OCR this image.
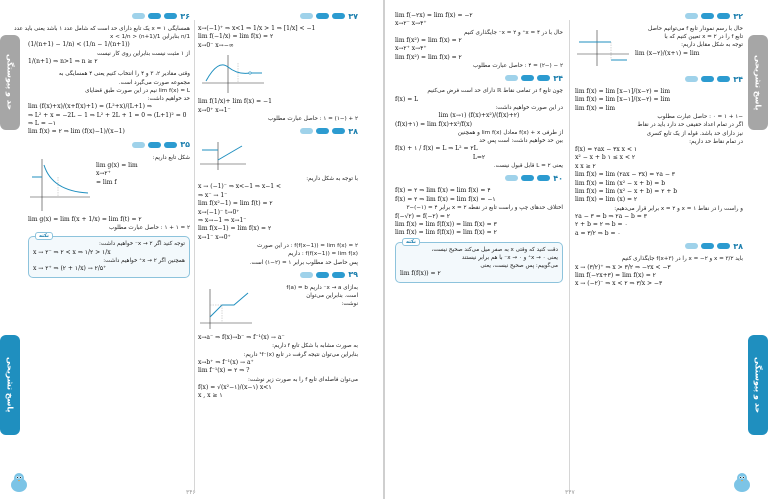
حد و پیوستگی
پاسخ تشریحی
۳۷
x→(−1)⁺ ⇒ x<1 ⇒ 1/x > 1 ⇒ [1/x] < −1
lim f(−1/x) = lim f(x) = ۲
x→0⁻ x→−∞
lim f(1/x)+ lim f(x) = −1
x→0⁺ x→1⁻
۲ + (−۱) = ۱ : حاصل عبارت مطلوب
۳۸
با توجه به شکل داریم:
x → (−1)⁻ ⇒ x<−1 ⇒ x−1 <
⇒ x⁻ → 1⁻
lim f(x²−1) = lim f(t) = ۲
x→(−1)⁻ t→0⁺
⇒ x→−1 ⇒ x→1⁻
lim f(x−1) = lim f(x) = ۲
x→1⁻ x→0⁺
f(f(x−1)) = lim f(x) = ۲ : در این صورت
f(f(x−1)) = lim f(x) : داریم
پس حاصل حد مطلوب برابر ۱ = (۲−۱) است.
۳۹
به‌ازای x → a⁻ داریم f(a) = b
است. بنابراین می‌توان
نوشت:
x→a⁻ ⇒ f(x)→b⁻ ⇒ f⁻¹(x) → a⁻
به صورت مشابه با شکل تابع f داریم:
بنابراین می‌توان نتیجه گرفت در تابع (x)⁻¹f داریم:
x→b⁺ ⇒ f⁻¹(x) → a⁺
lim f⁻¹(x) = ۲ ⇒ ?
می‌توان فاصله‌ای تابع f را به صورت زیر نوشت:
f(x) = √(x²−۱)/(x−۱) x<۱
x , x ≥ ۱
۳۶
همسایگی x = ۱ یک تابع دارای حد است که شامل عدد ۱ باشد یعنی باید عدد
1/n بنابراین 1/(n+1) < x < 1/n
(1/(n+1) − 1/n) < (1/n − 1/(n+1))
از ۱ مثبت نیست بنابراین روی کار نیست
1/(n+1) ⇒ n>1 ⇒ n ≥ ۲
وقتی مقادیر ۲، ۳ و ۴ را انتخاب کنیم یعنی ۴ همسایگی به
مجموعه صورت می‌گیرد است.
lim f(x) = L نیم در این صورت طبق قضایای
حد خواهیم داشت:
lim (f(x)+x)/(x+f(x)+1) = (L²+x)/(L+1) ⇒
⇒ L² + x = −2L − 1 ⇒ L² + 2L + 1 = 0 ⇒ (L+1)² = 0
⇒ L = −۱
lim f(x) = ۲ ⇒ lim (f(x)−1)/(x−1)
۳۵
شکل تابع داریم:
lim g(x) = lim
x→۲⁺
= lim f
lim g(x) = lim f(x + 1/x) = lim f(t) = ۲
۲ = ۱ + ۱ : حاصل عبارت مطلوب
نکته
توجه کنید اگر x → ۲⁻ خواهیم داشت:
x → ۲⁻ ⇒ ۲ < x ⇒ ۱/۲ > ۱/x
همچنین اگر x → ۲⁺ خواهیم داشت:
x → ۲⁺ ⇒ (۲ + ۱/x) → ۲/۵⁺
۳۴۶
پاسخ تشریحی
حد و پیوستگی
lim f(−۲x) = lim f(x) = −۲
x→۲⁻ x→۴⁺
حال با در x = ۴⁺ و x = ۲⁻ جایگذاری کنیم
lim f(x²) = lim f(x) = ۲
x→۲⁺ x→۴⁺
lim f(x²) = lim f(x) = ۲
۲ − (−۲) = ۴ : حاصل عبارت مطلوب
۳۴
چون تابع f در تمامی نقاط ℝ دارای حد است فرض می‌کنیم
f(x) = L
در این صورت خواهیم داشت:
lim (x→۱) (f(x)+x²)/(f(x)+۲)
(f(x)+۱) = lim f(x)+x²/f(x)
از طرفی f(x) + x معادل lim f(x) و همچنین
بین حد خواهیم داشت: است پس حد
f(x) + ۱ / f(x) = L ⇒ L² = ۲L
L=۲
یعنی L = ۲ قابل قبول نیست.
۴۰
f(x) = ۲ ⇒ lim f(x) = lim f(x) = ۴
f(x) = ۲ ⇒ lim f(x) = lim f(x) = −۱
اختلاف حدهای چپ و راست تابع در نقطه x = ۲ برابر ۴ = (۱−)−۳
f(−√۲) = f(−۲) = ۲
lim f(x) = lim f(f(x)) = lim f(x) = ۳
lim f(x) = lim f(f(x)) = lim f(x) = ۲
نکته
دقت کنید که وقتی x به صفر میل می‌کند صحیح نیست،
یعنی x → ۰⁺ و x → ۰⁻ با هم برابر نیستند
می‌گوییم: پس صحیح نیست، یعنی
lim f(f(x)) = ۲
۳۲
حال با رسم نمودار تابع f می‌توانیم حاصل
تابع f را در x = ۲ تعیین کنیم که با
توجه به شکل مقابل داریم:
lim (x−۲)/(x+۱) = lim
۳۴
lim f(x) = lim [x−۱]/(x−۲) = lim
lim f(x) = lim [x−۱]/(x−۲) = lim
lim f(x) = lim
−۱ + ۱ = ۰ : حاصل عبارت مطلوب
اگر در تمام اعداد حقیقی حد دارد باید در نقاط
نیز دارای حد باشد. قوله از یک تابع کسری
در تمام نقاط حد داریم:
f(x) = ۲ax − ۳x x < ۱
x² − x + b ۱ ≤ x < ۲
x x ≥ ۲
lim f(x) = lim (۲ax − ۳x) = ۲a − ۳
lim f(x) = lim (x² − x + b) = b
lim f(x) = lim (x² − x + b) = ۲ + b
lim f(x) = lim (x) = ۲
و راست را در نقاط ۱ = x و x = ۲ برابر قرار می‌دهیم:
۲a − ۳ = b ⇒ ۲a − b = ۳
۲ + b = ۲ ⇒ b = ۰
a = ۳/۲ ⇒ b = ۰
۳۸
باید x = ۳/۲ و x = −۲ را در f(x+۳) جایگذاری کنیم
x → (۳/۲)⁺ ⇒ x > ۳/۲ ⇒ −۲x < −۳
lim f(−۲x+۳) = lim f(x) = ۲
x → (−۲)⁻ ⇒ x < ۲ ⇒ ۳/x > −۳
۳۴۷
